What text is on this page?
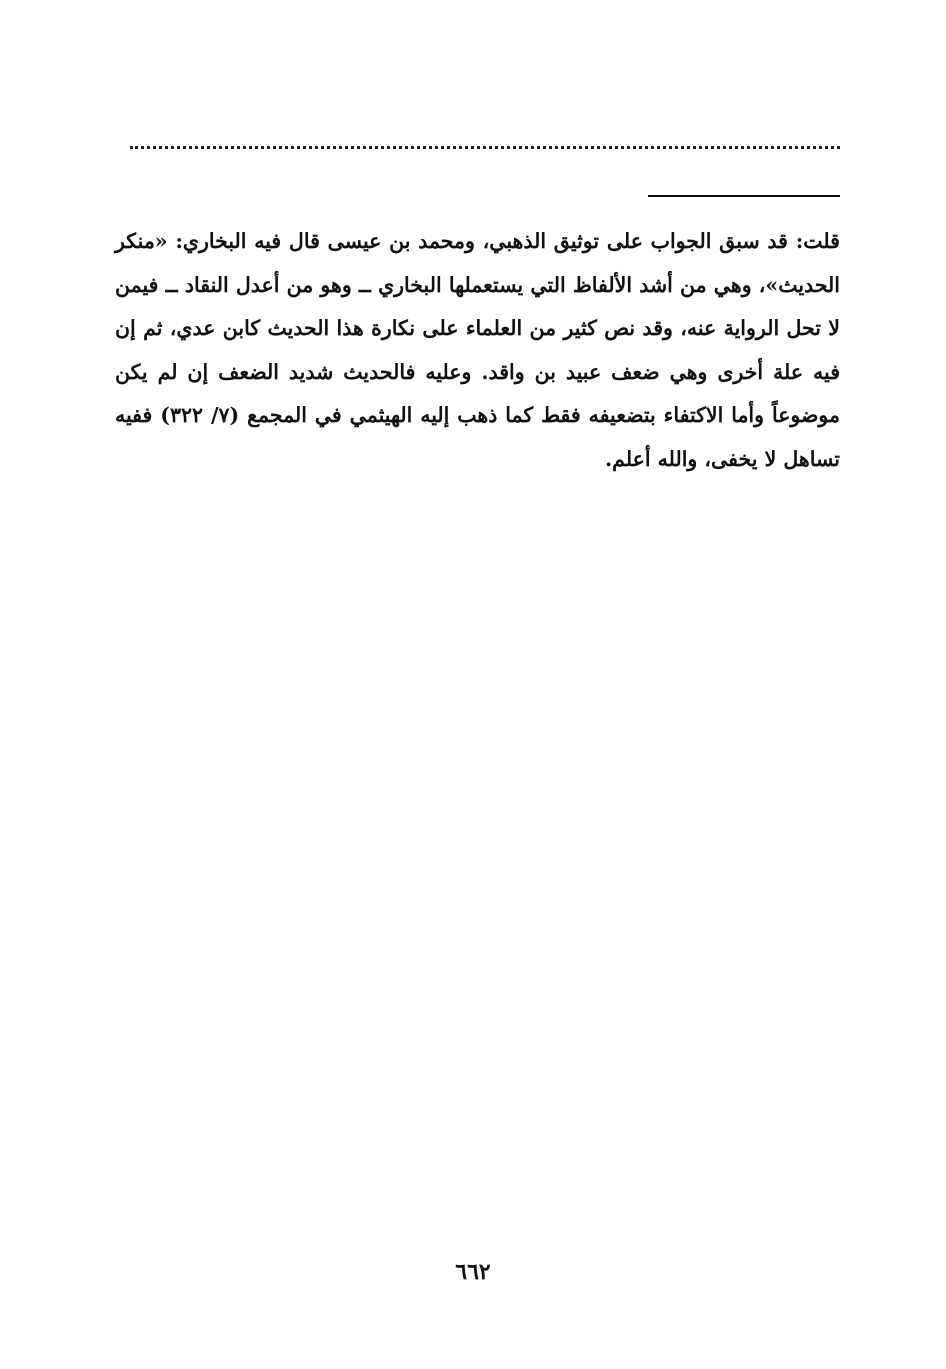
قلت: قد سبق الجواب على توثيق الذهبي، ومحمد بن عيسى قال فيه البخاري: «منكر الحديث»، وهي من أشد الألفاظ التي يستعملها البخاري ــ وهو من أعدل النقاد ــ فيمن لا تحل الرواية عنه، وقد نص كثير من العلماء على نكارة هذا الحديث كابن عدي، ثم إن فيه علة أخرى وهي ضعف عبيد بن واقد. وعليه فالحديث شديد الضعف إن لم يكن موضوعاً وأما الاكتفاء بتضعيفه فقط كما ذهب إليه الهيثمي في المجمع (٧/ ٣٢٢) ففيه تساهل لا يخفى، والله أعلم.

٦٦٢
